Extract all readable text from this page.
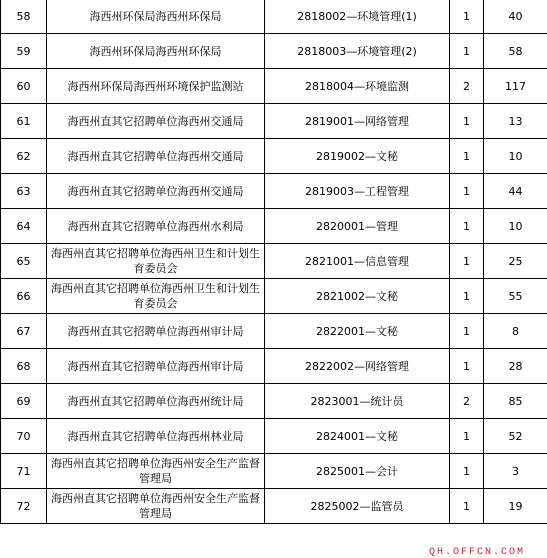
58	海西州环保局海西州环保局	2818002—环境管理(1)	1	40
59	海西州环保局海西州环保局	2818003—环境管理(2)	1	58
60	海西州环保局海西州环境保护监测站	2818004—环境监测	2	117
61	海西州直其它招聘单位海西州交通局	2819001—网络管理	1	13
62	海西州直其它招聘单位海西州交通局	2819002—文秘	1	10
63	海西州直其它招聘单位海西州交通局	2819003—工程管理	1	44
64	海西州直其它招聘单位海西州水利局	2820001—管理	1	10
65	海西州直其它招聘单位海西州卫生和计划生育委员会	2821001—信息管理	1	25
66	海西州直其它招聘单位海西州卫生和计划生育委员会	2821002—文秘	1	55
67	海西州直其它招聘单位海西州审计局	2822001—文秘	1	8
68	海西州直其它招聘单位海西州审计局	2822002—网络管理	1	28
69	海西州直其它招聘单位海西州统计局	2823001—统计员	2	85
70	海西州直其它招聘单位海西州林业局	2824001—文秘	1	52
71	海西州直其它招聘单位海西州安全生产监督管理局	2825001—会计	1	3
72	海西州直其它招聘单位海西州安全生产监督管理局	2825002—监管员	1	19
QH.OFFCN.COM
